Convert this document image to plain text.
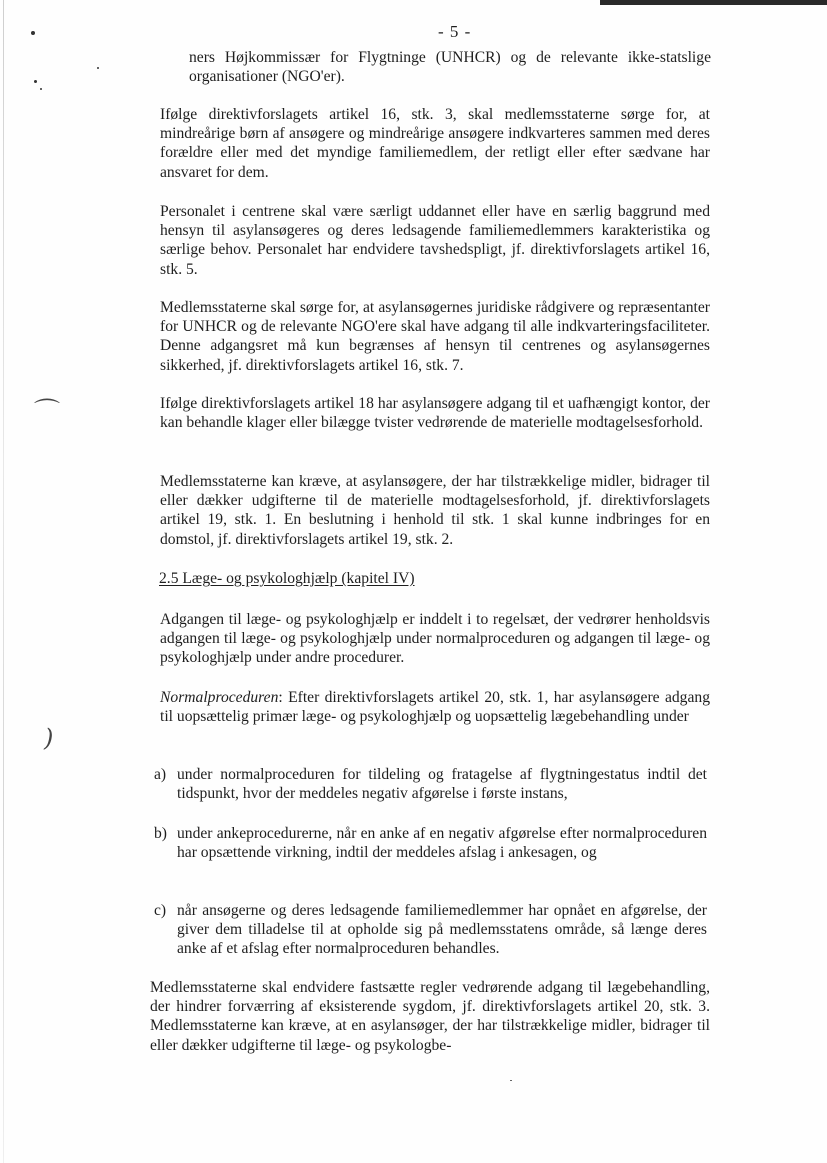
⌒
)
- 5 -

ners Højkommissær for Flygtninge (UNHCR) og de relevante ikke-statslige organisationer (NGO'er).

Ifølge direktivforslagets artikel 16, stk. 3, skal medlemsstaterne sørge for, at mindreårige børn af ansøgere og mindreårige ansøgere indkvarteres sammen med deres forældre eller med det myndige familiemedlem, der retligt eller efter sædvane har ansvaret for dem.

Personalet i centrene skal være særligt uddannet eller have en særlig baggrund med hensyn til asylansøgeres og deres ledsagende familiemedlemmers karakteristika og særlige behov. Personalet har endvidere tavshedspligt, jf. direktivforslagets artikel 16, stk. 5.

Medlemsstaterne skal sørge for, at asylansøgernes juridiske rådgivere og repræsentanter for UNHCR og de relevante NGO'ere skal have adgang til alle indkvarteringsfaciliteter. Denne adgangsret må kun begrænses af hensyn til centrenes og asylansøgernes sikkerhed, jf. direktivforslagets artikel 16, stk. 7.

Ifølge direktivforslagets artikel 18 har asylansøgere adgang til et uafhængigt kontor, der kan behandle klager eller bilægge tvister vedrørende de materielle modtagelsesforhold.

Medlemsstaterne kan kræve, at asylansøgere, der har tilstrækkelige midler, bidrager til eller dækker udgifterne til de materielle modtagelsesforhold, jf. direktivforslagets artikel 19, stk. 1. En beslutning i henhold til stk. 1 skal kunne indbringes for en domstol, jf. direktivforslagets artikel 19, stk. 2.

2.5 Læge- og psykologhjælp (kapitel IV)

Adgangen til læge- og psykologhjælp er inddelt i to regelsæt, der vedrører henholdsvis adgangen til læge- og psykologhjælp under normalproceduren og adgangen til læge- og psykologhjælp under andre procedurer.

Normalproceduren: Efter direktivforslagets artikel 20, stk. 1, har asylansøgere adgang til uopsættelig primær læge- og psykologhjælp og uopsættelig lægebehandling under

a) under normalproceduren for tildeling og fratagelse af flygtningestatus indtil det tidspunkt, hvor der meddeles negativ afgørelse i første instans,

b) under ankeprocedurerne, når en anke af en negativ afgørelse efter normalproceduren har opsættende virkning, indtil der meddeles afslag i ankesagen, og

c) når ansøgerne og deres ledsagende familiemedlemmer har opnået en afgørelse, der giver dem tilladelse til at opholde sig på medlemsstatens område, så længe deres anke af et afslag efter normalproceduren behandles.

Medlemsstaterne skal endvidere fastsætte regler vedrørende adgang til lægebehandling, der hindrer forværring af eksisterende sygdom, jf. direktivforslagets artikel 20, stk. 3. Medlemsstaterne kan kræve, at en asylansøger, der har tilstrækkelige midler, bidrager til eller dækker udgifterne til læge- og psykologbe-
